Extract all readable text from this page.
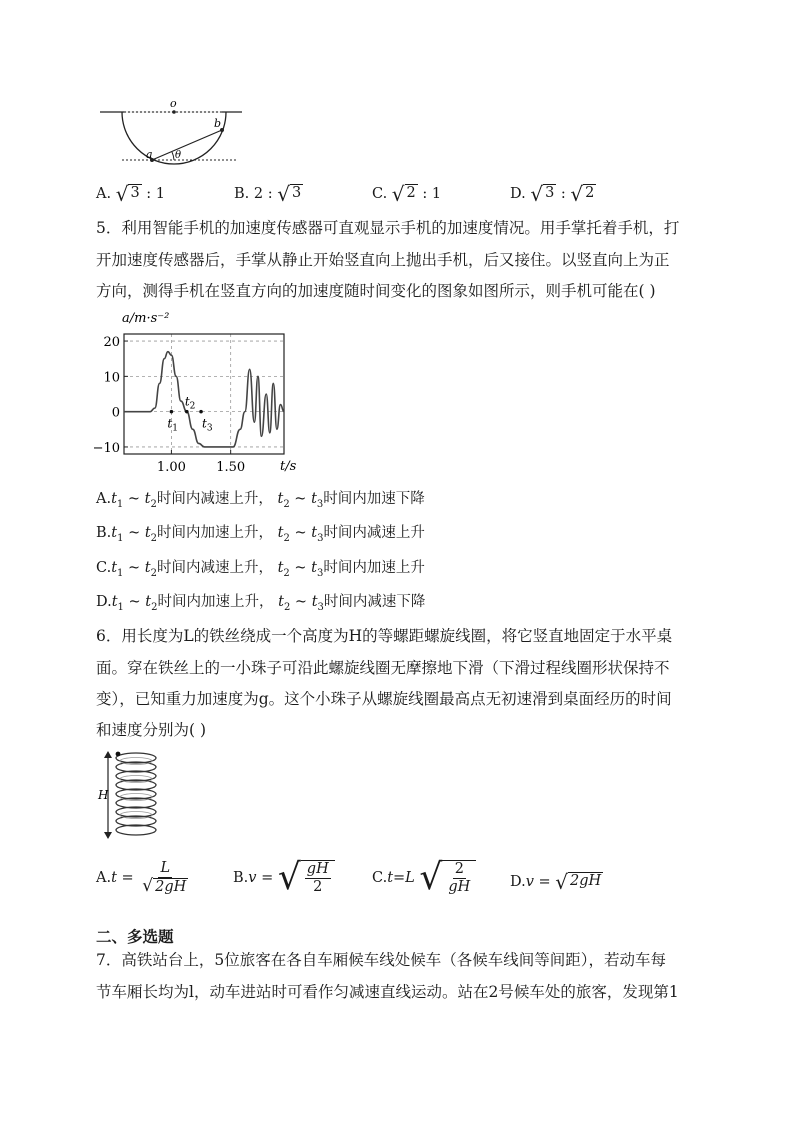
o
b
a θ
A. √ 3 : 1	B. 2 : √ 3	C. √ 2 : 1	D. √ 3 : √ 2
5．利用智能手机的加速度传感器可直观显示手机的加速度情况。用手掌托着手机，打
开加速度传感器后，手掌从静止开始竖直向上抛出手机，后又接住。以竖直向上为正
方向，测得手机在竖直方向的加速度随时间变化的图象如图所示，则手机可能在( )
a/m·s⁻²
20
10
0
−10
1.00 1.50
$t_1$
$t_2$
$t_3$
t/s
$A.t_1$ ~ $t_2$时间内减速上升， $t_2$ ~ $t_3$时间内加速下降
$B.t_1$ ~ $t_2$时间内加速上升， $t_2$ ~ $t_3$时间内减速上升
$C.t_1$ ~ $t_2$时间内减速上升， $t_2$ ~ $t_3$时间内加速上升
$D.t_1$ ~ $t_2$时间内加速上升， $t_2$ ~ $t_3$时间内减速下降
6．用长度为L的铁丝绕成一个高度为H的等螺距螺旋线圈，将它竖直地固定于水平桌
面。穿在铁丝上的一小珠子可沿此螺旋线圈无摩擦地下滑（下滑过程线圈形状保持不
变），已知重力加速度为g。这个小珠子从螺旋线圈最高点无初速滑到桌面经历的时间
和速度分别为( )
H
$A.t = \frac{L}{√ 2gH}$	B.v = √ $\frac{gH}{2}$	C.t=L √ $\frac{2}{gH}$	D.v = √ 2gH
二、多选题
7．高铁站台上，5位旅客在各自车厢候车线处候车（各候车线间等间距），若动车每
节车厢长均为l，动车进站时可看作匀减速直线运动。站在2号候车处的旅客，发现第1
